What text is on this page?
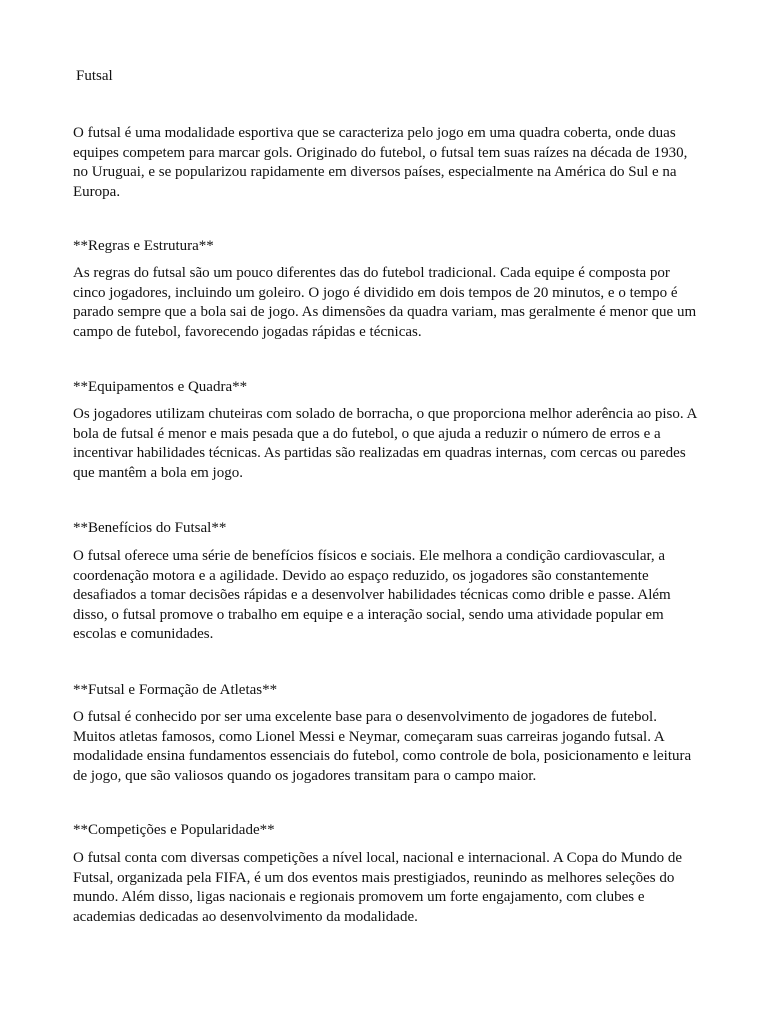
Futsal

O futsal é uma modalidade esportiva que se caracteriza pelo jogo em uma quadra coberta, onde duas equipes competem para marcar gols. Originado do futebol, o futsal tem suas raízes na década de 1930, no Uruguai, e se popularizou rapidamente em diversos países, especialmente na América do Sul e na Europa.

**Regras e Estrutura**

As regras do futsal são um pouco diferentes das do futebol tradicional. Cada equipe é composta por cinco jogadores, incluindo um goleiro. O jogo é dividido em dois tempos de 20 minutos, e o tempo é parado sempre que a bola sai de jogo. As dimensões da quadra variam, mas geralmente é menor que um campo de futebol, favorecendo jogadas rápidas e técnicas.

**Equipamentos e Quadra**

Os jogadores utilizam chuteiras com solado de borracha, o que proporciona melhor aderência ao piso. A bola de futsal é menor e mais pesada que a do futebol, o que ajuda a reduzir o número de erros e a incentivar habilidades técnicas. As partidas são realizadas em quadras internas, com cercas ou paredes que mantêm a bola em jogo.

**Benefícios do Futsal**

O futsal oferece uma série de benefícios físicos e sociais. Ele melhora a condição cardiovascular, a coordenação motora e a agilidade. Devido ao espaço reduzido, os jogadores são constantemente desafiados a tomar decisões rápidas e a desenvolver habilidades técnicas como drible e passe. Além disso, o futsal promove o trabalho em equipe e a interação social, sendo uma atividade popular em escolas e comunidades.

**Futsal e Formação de Atletas**

O futsal é conhecido por ser uma excelente base para o desenvolvimento de jogadores de futebol. Muitos atletas famosos, como Lionel Messi e Neymar, começaram suas carreiras jogando futsal. A modalidade ensina fundamentos essenciais do futebol, como controle de bola, posicionamento e leitura de jogo, que são valiosos quando os jogadores transitam para o campo maior.

**Competições e Popularidade**

O futsal conta com diversas competições a nível local, nacional e internacional. A Copa do Mundo de Futsal, organizada pela FIFA, é um dos eventos mais prestigiados, reunindo as melhores seleções do mundo. Além disso, ligas nacionais e regionais promovem um forte engajamento, com clubes e academias dedicadas ao desenvolvimento da modalidade.
